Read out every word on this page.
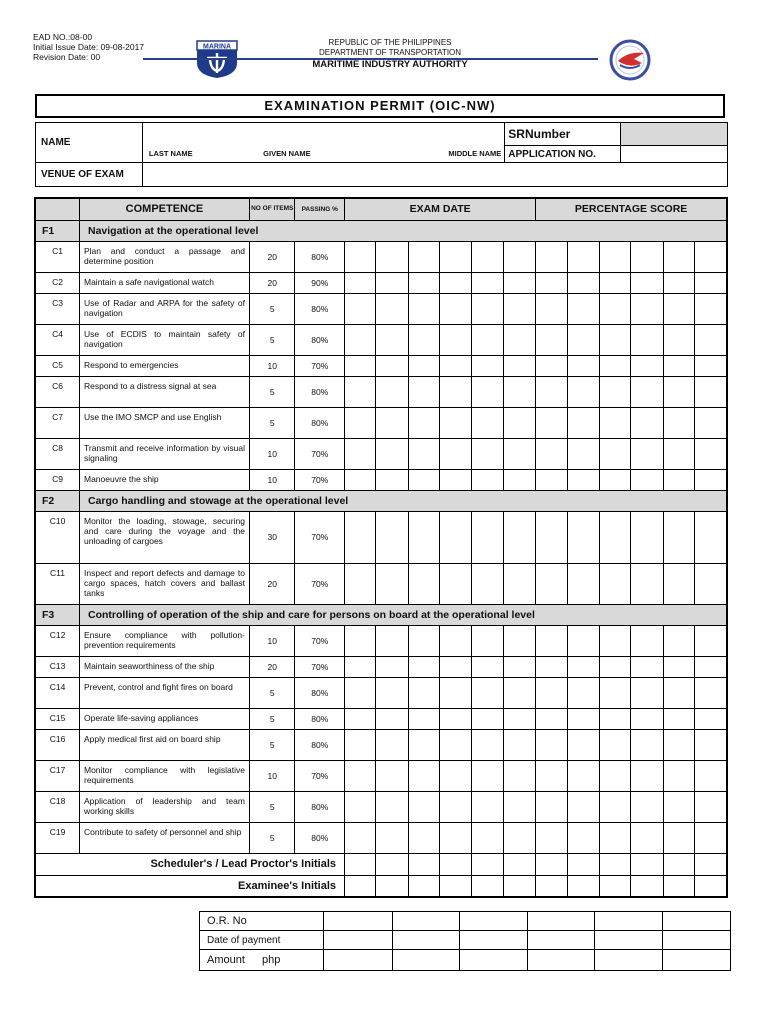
EAD NO.:08-00
Initial Issue Date: 09-08-2017
Revision Date: 00
MARINA	REPUBLIC OF THE PHILIPPINES
DEPARTMENT OF TRANSPORTATION
MARITIME INDUSTRY AUTHORITY
EXAMINATION PERMIT (OIC-NW)
NAME				SRNumber	
	LAST NAME	GIVEN NAME	MIDDLE NAME	APPLICATION NO.	
VENUE OF EXAM					
	COMPETENCE	NO OF ITEMS	PASSING %	EXAM DATE						PERCENTAGE SCORE					
F1	Navigation at the operational level														
C1	Plan and conduct a passage and determine position	20	80%												
C2	Maintain a safe navigational watch	20	90%												
C3	Use of Radar and ARPA for the safety of navigation	5	80%												
C4	Use of ECDIS to maintain safety of navigation	5	80%												
C5	Respond to emergencies	10	70%												
C6	Respond to a distress signal at sea	5	80%												
C7	Use the IMO SMCP and use English	5	80%												
C8	Transmit and receive information by visual signaling	10	70%												
C9	Manoeuvre the ship	10	70%												
F2	Cargo handling and stowage at the operational level														
C10	Monitor the loading, stowage, securing and care during the voyage and the unloading of cargoes	30	70%												
C11	Inspect and report defects and damage to cargo spaces, hatch covers and ballast tanks	20	70%												
F3	Controlling of operation of the ship and care for persons on board at the operational level														
C12	Ensure compliance with pollution-prevention requirements	10	70%												
C13	Maintain seaworthiness of the ship	20	70%												
C14	Prevent, control and fight fires on board	5	80%												
C15	Operate life-saving appliances	5	80%												
C16	Apply medical first aid on board ship	5	80%												
C17	Monitor compliance with legislative requirements	10	70%												
C18	Application of leadership and team working skills	5	80%												
C19	Contribute to safety of personnel and ship	5	80%												
Scheduler's / Lead Proctor's Initials															
Examinee's Initials															
O.R. No						
Date of payment						
Amount php						
